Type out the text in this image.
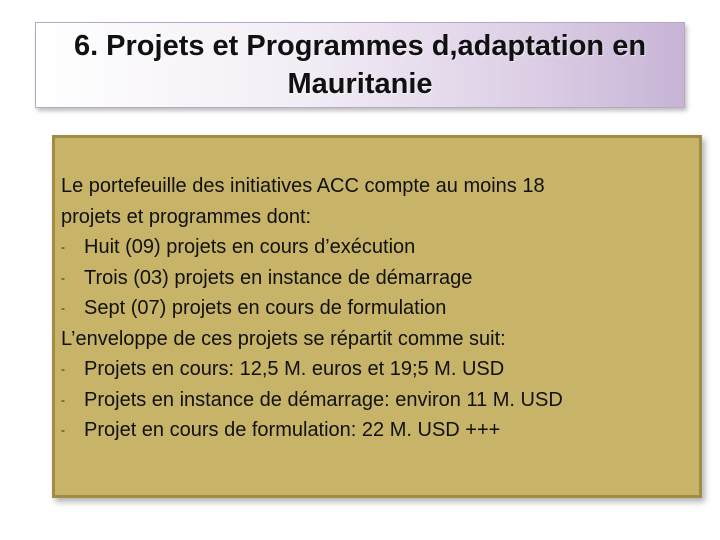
6. Projets et Programmes d,adaptation en Mauritanie
Le portefeuille des initiatives ACC compte au moins 18
projets et programmes dont:
- Huit (09) projets en cours d’exécution
- Trois (03) projets en instance de démarrage
- Sept (07) projets en cours de formulation
L’enveloppe de ces projets se répartit comme suit:
- Projets en cours: 12,5 M. euros et 19;5 M. USD
- Projets en instance de démarrage: environ 11 M. USD
- Projet en cours de formulation: 22 M. USD +++
